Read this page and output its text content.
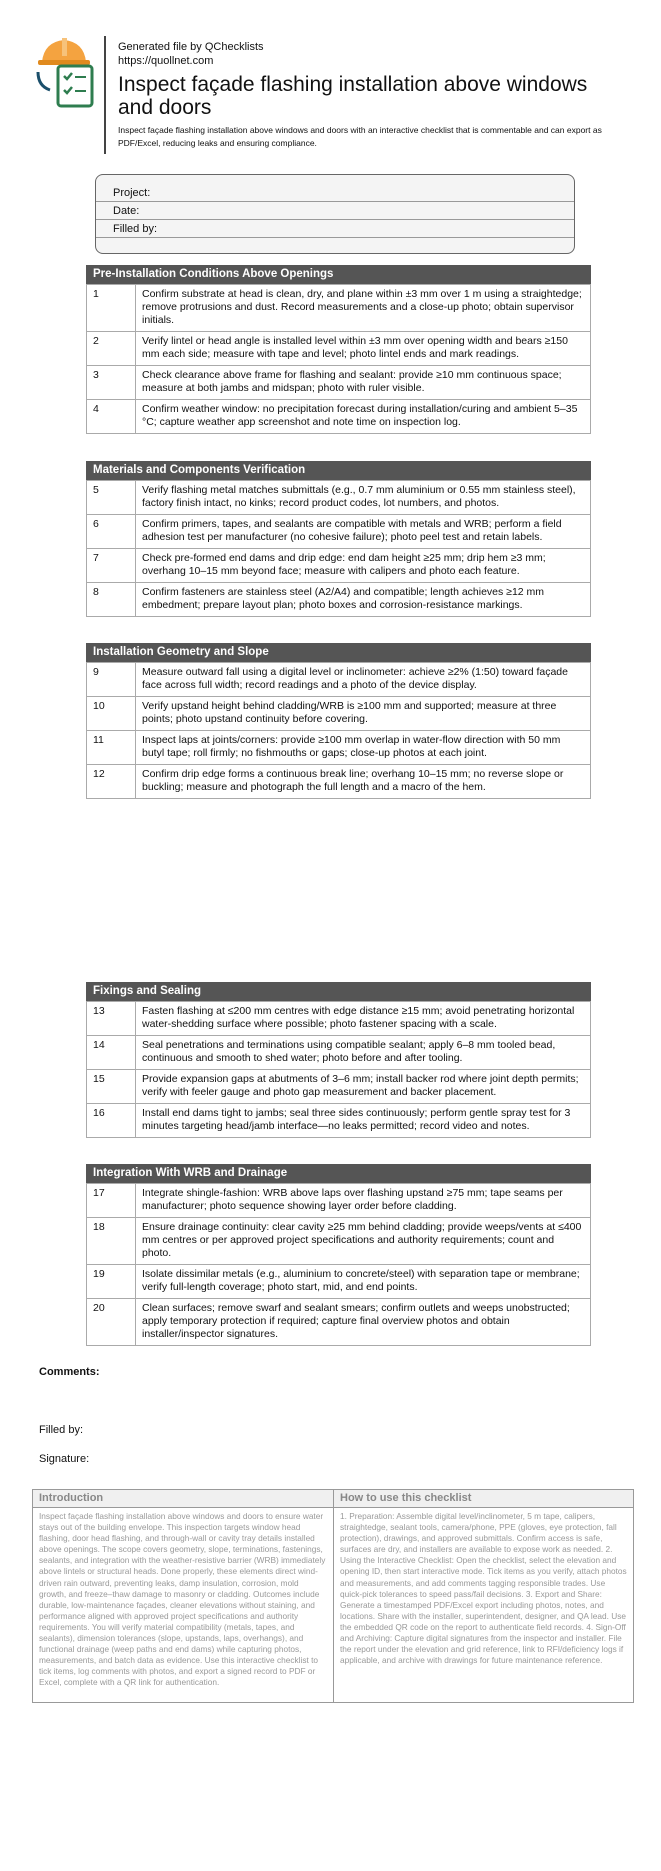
Generated file by QChecklists
https://quollnet.com
Inspect façade flashing installation above windows and doors
Inspect façade flashing installation above windows and doors with an interactive checklist that is commentable and can export as PDF/Excel, reducing leaks and ensuring compliance.
Project:
Date:
Filled by:
Pre-Installation Conditions Above Openings
1	Confirm substrate at head is clean, dry, and plane within ±3 mm over 1 m using a straightedge; remove protrusions and dust. Record measurements and a close-up photo; obtain supervisor initials.
2	Verify lintel or head angle is installed level within ±3 mm over opening width and bears ≥150 mm each side; measure with tape and level; photo lintel ends and mark readings.
3	Check clearance above frame for flashing and sealant: provide ≥10 mm continuous space; measure at both jambs and midspan; photo with ruler visible.
4	Confirm weather window: no precipitation forecast during installation/curing and ambient 5–35 °C; capture weather app screenshot and note time on inspection log.
Materials and Components Verification
5	Verify flashing metal matches submittals (e.g., 0.7 mm aluminium or 0.55 mm stainless steel), factory finish intact, no kinks; record product codes, lot numbers, and photos.
6	Confirm primers, tapes, and sealants are compatible with metals and WRB; perform a field adhesion test per manufacturer (no cohesive failure); photo peel test and retain labels.
7	Check pre-formed end dams and drip edge: end dam height ≥25 mm; drip hem ≥3 mm; overhang 10–15 mm beyond face; measure with calipers and photo each feature.
8	Confirm fasteners are stainless steel (A2/A4) and compatible; length achieves ≥12 mm embedment; prepare layout plan; photo boxes and corrosion-resistance markings.
Installation Geometry and Slope
9	Measure outward fall using a digital level or inclinometer: achieve ≥2% (1:50) toward façade face across full width; record readings and a photo of the device display.
10	Verify upstand height behind cladding/WRB is ≥100 mm and supported; measure at three points; photo upstand continuity before covering.
11	Inspect laps at joints/corners: provide ≥100 mm overlap in water-flow direction with 50 mm butyl tape; roll firmly; no fishmouths or gaps; close-up photos at each joint.
12	Confirm drip edge forms a continuous break line; overhang 10–15 mm; no reverse slope or buckling; measure and photograph the full length and a macro of the hem.
Fixings and Sealing
13	Fasten flashing at ≤200 mm centres with edge distance ≥15 mm; avoid penetrating horizontal water-shedding surface where possible; photo fastener spacing with a scale.
14	Seal penetrations and terminations using compatible sealant; apply 6–8 mm tooled bead, continuous and smooth to shed water; photo before and after tooling.
15	Provide expansion gaps at abutments of 3–6 mm; install backer rod where joint depth permits; verify with feeler gauge and photo gap measurement and backer placement.
16	Install end dams tight to jambs; seal three sides continuously; perform gentle spray test for 3 minutes targeting head/jamb interface—no leaks permitted; record video and notes.
Integration With WRB and Drainage
17	Integrate shingle-fashion: WRB above laps over flashing upstand ≥75 mm; tape seams per manufacturer; photo sequence showing layer order before cladding.
18	Ensure drainage continuity: clear cavity ≥25 mm behind cladding; provide weeps/vents at ≤400 mm centres or per approved project specifications and authority requirements; count and photo.
19	Isolate dissimilar metals (e.g., aluminium to concrete/steel) with separation tape or membrane; verify full-length coverage; photo start, mid, and end points.
20	Clean surfaces; remove swarf and sealant smears; confirm outlets and weeps unobstructed; apply temporary protection if required; capture final overview photos and obtain installer/inspector signatures.
Comments:
Filled by:
Signature:
Introduction
Inspect façade flashing installation above windows and doors to ensure water stays out of the building envelope. This inspection targets window head flashing, door head flashing, and through-wall or cavity tray details installed above openings. The scope covers geometry, slope, terminations, fastenings, sealants, and integration with the weather-resistive barrier (WRB) immediately above lintels or structural heads. Done properly, these elements direct wind-driven rain outward, preventing leaks, damp insulation, corrosion, mold growth, and freeze–thaw damage to masonry or cladding. Outcomes include durable, low-maintenance façades, cleaner elevations without staining, and performance aligned with approved project specifications and authority requirements. You will verify material compatibility (metals, tapes, and sealants), dimension tolerances (slope, upstands, laps, overhangs), and functional drainage (weep paths and end dams) while capturing photos, measurements, and batch data as evidence. Use this interactive checklist to tick items, log comments with photos, and export a signed record to PDF or Excel, complete with a QR link for authentication.
How to use this checklist
1. Preparation: Assemble digital level/inclinometer, 5 m tape, calipers, straightedge, sealant tools, camera/phone, PPE (gloves, eye protection, fall protection), drawings, and approved submittals. Confirm access is safe, surfaces are dry, and installers are available to expose work as needed. 2. Using the Interactive Checklist: Open the checklist, select the elevation and opening ID, then start interactive mode. Tick items as you verify, attach photos and measurements, and add comments tagging responsible trades. Use quick-pick tolerances to speed pass/fail decisions. 3. Export and Share: Generate a timestamped PDF/Excel export including photos, notes, and locations. Share with the installer, superintendent, designer, and QA lead. Use the embedded QR code on the report to authenticate field records. 4. Sign-Off and Archiving: Capture digital signatures from the inspector and installer. File the report under the elevation and grid reference, link to RFI/deficiency logs if applicable, and archive with drawings for future maintenance reference.
